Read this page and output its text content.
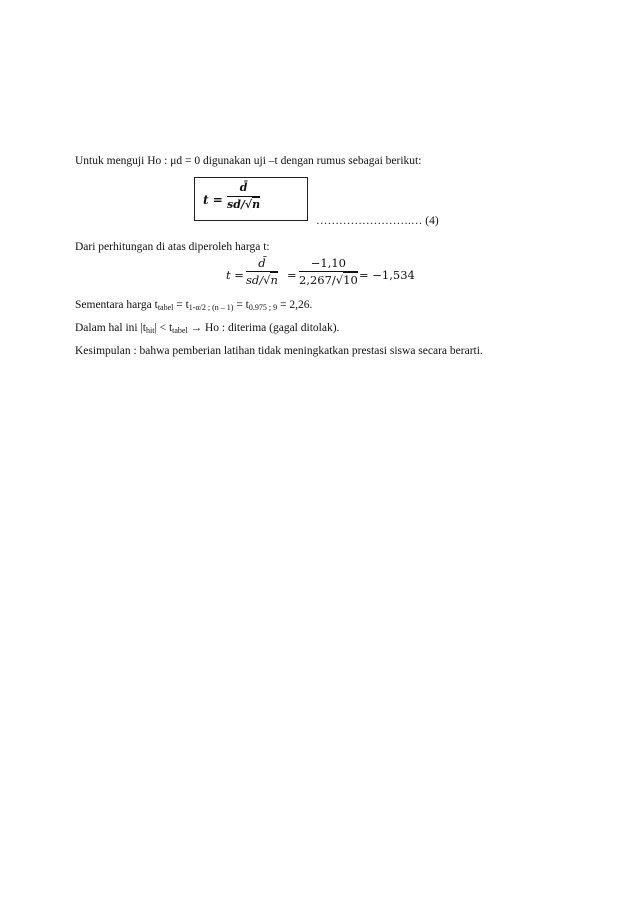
Untuk menguji Ho : μd = 0 digunakan uji –t dengan rumus sebagai berikut:
t =
d̄
sd/√n
…………………….… (4)
Dari perhitungan di atas diperoleh harga t:
t =
d̄
sd/√n =
−1,10
2,267/√10 = −1,534
Sementara harga $t_{tabel} = t_{1-\alpha/2 ; (n - 1)} = t_{0.975 ; 9} = 2,26$.
Dalam hal ini $|t_{hit}| < t_{tabel} \to Ho$ : diterima (gagal ditolak).
Kesimpulan : bahwa pemberian latihan tidak meningkatkan prestasi siswa secara berarti.
